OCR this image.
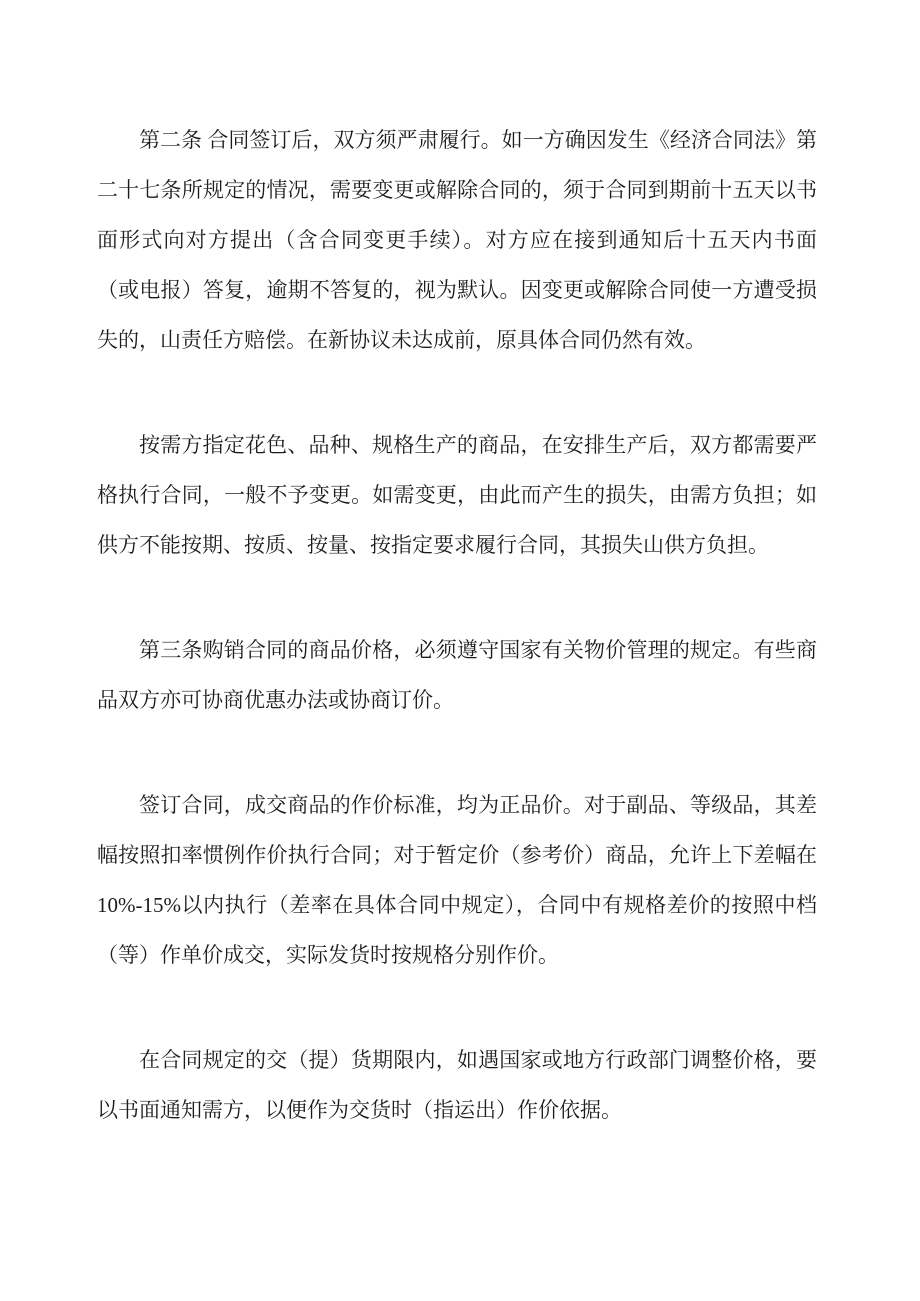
第二条 合同签订后，双方须严肃履行。如一方确因发生《经济合同法》第二十七条所规定的情况，需要变更或解除合同的，须于合同到期前十五天以书面形式向对方提出（含合同变更手续）。对方应在接到通知后十五天内书面（或电报）答复，逾期不答复的，视为默认。因变更或解除合同使一方遭受损失的，山责任方赔偿。在新协议未达成前，原具体合同仍然有效。

按需方指定花色、品种、规格生产的商品，在安排生产后，双方都需要严格执行合同，一般不予变更。如需变更，由此而产生的损失，由需方负担；如供方不能按期、按质、按量、按指定要求履行合同，其损失山供方负担。

第三条购销合同的商品价格，必须遵守国家有关物价管理的规定。有些商品双方亦可协商优惠办法或协商订价。

签订合同，成交商品的作价标准，均为正品价。对于副品、等级品，其差幅按照扣率惯例作价执行合同；对于暂定价（参考价）商品，允许上下差幅在10%-15%以内执行（差率在具体合同中规定），合同中有规格差价的按照中档（等）作单价成交，实际发货时按规格分别作价。

在合同规定的交（提）货期限内，如遇国家或地方行政部门调整价格，要以书面通知需方，以便作为交货时（指运出）作价依据。
